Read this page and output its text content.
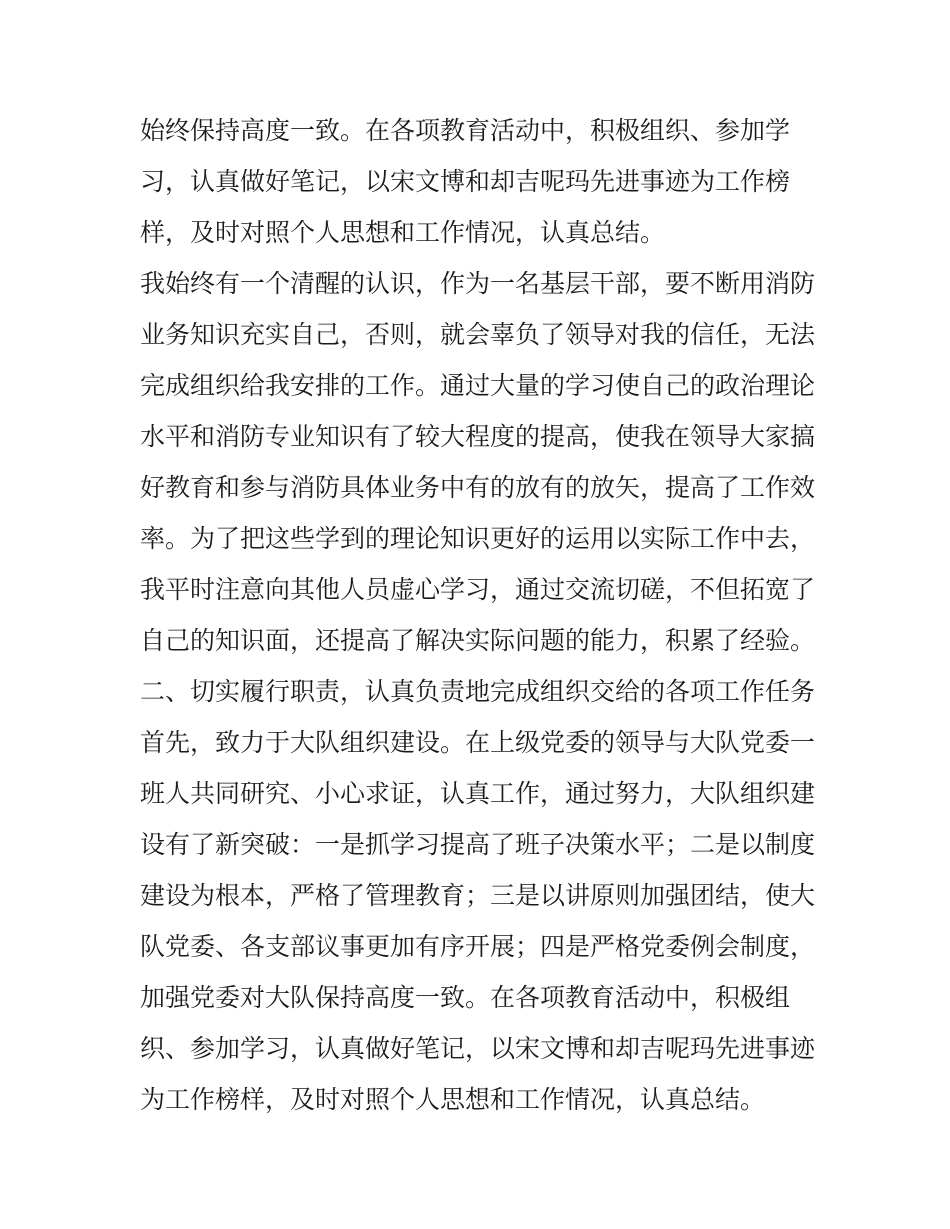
始终保持高度一致。在各项教育活动中，积极组织、参加学
习，认真做好笔记，以宋文博和却吉呢玛先进事迹为工作榜
样，及时对照个人思想和工作情况，认真总结。
我始终有一个清醒的认识，作为一名基层干部，要不断用消防
业务知识充实自己，否则，就会辜负了领导对我的信任，无法
完成组织给我安排的工作。通过大量的学习使自己的政治理论
水平和消防专业知识有了较大程度的提高，使我在领导大家搞
好教育和参与消防具体业务中有的放有的放矢，提高了工作效
率。为了把这些学到的理论知识更好的运用以实际工作中去，
我平时注意向其他人员虚心学习，通过交流切磋，不但拓宽了
自己的知识面，还提高了解决实际问题的能力，积累了经验。
二、切实履行职责，认真负责地完成组织交给的各项工作任务
首先，致力于大队组织建设。在上级党委的领导与大队党委一
班人共同研究、小心求证，认真工作，通过努力，大队组织建
设有了新突破：一是抓学习提高了班子决策水平；二是以制度
建设为根本，严格了管理教育；三是以讲原则加强团结，使大
队党委、各支部议事更加有序开展；四是严格党委例会制度，
加强党委对大队保持高度一致。在各项教育活动中，积极组
织、参加学习，认真做好笔记，以宋文博和却吉呢玛先进事迹
为工作榜样，及时对照个人思想和工作情况，认真总结。
